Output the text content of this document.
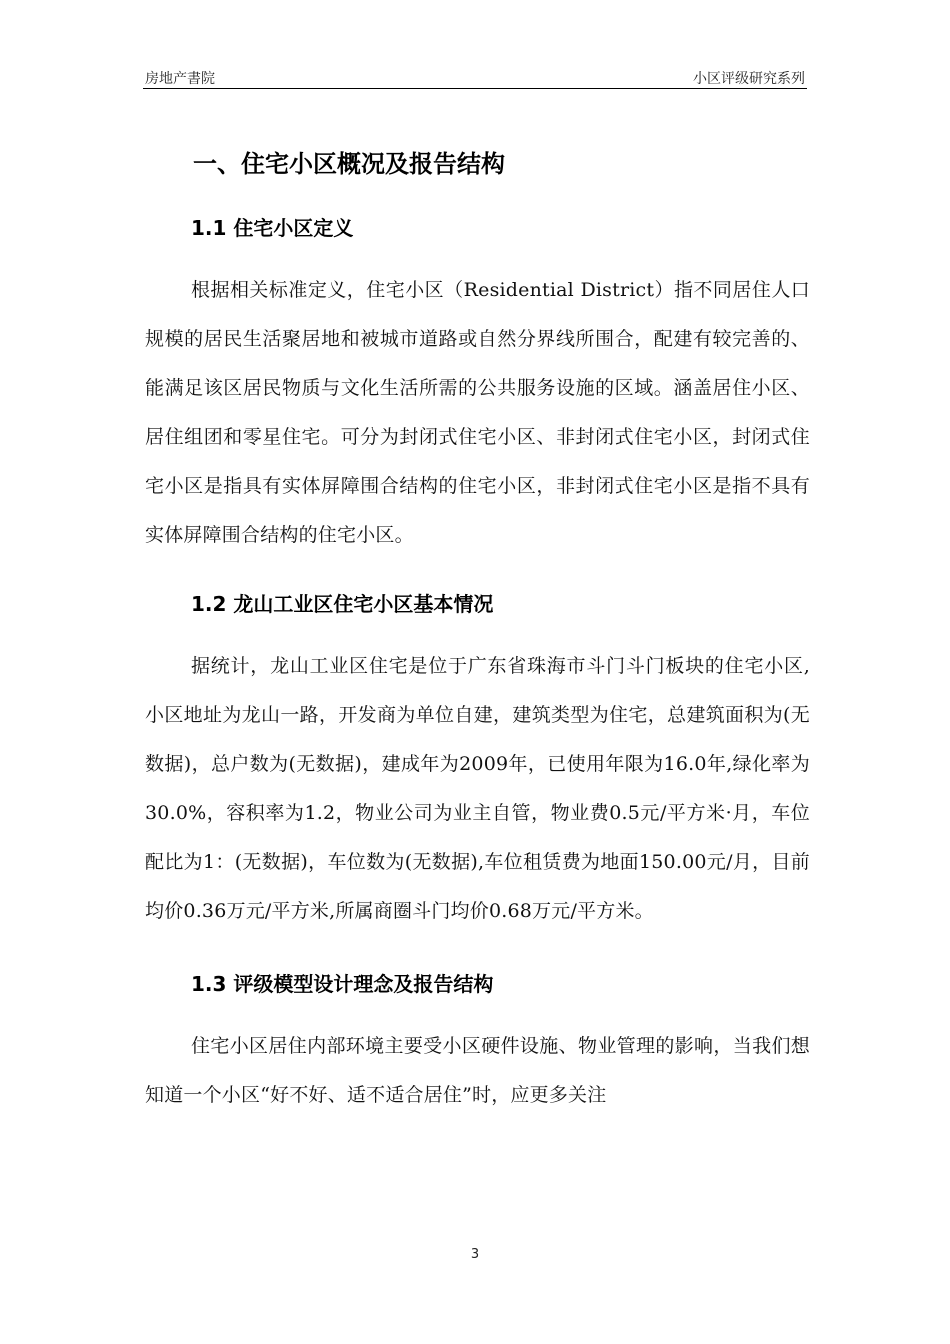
房地产書院	小区评级研究系列
一、住宅小区概况及报告结构
1.1 住宅小区定义

根据相关标准定义，住宅小区（Residential District）指不同居住人口规模的居民生活聚居地和被城市道路或自然分界线所围合，配建有较完善的、能满足该区居民物质与文化生活所需的公共服务设施的区域。涵盖居住小区、居住组团和零星住宅。可分为封闭式住宅小区、非封闭式住宅小区，封闭式住宅小区是指具有实体屏障围合结构的住宅小区，非封闭式住宅小区是指不具有实体屏障围合结构的住宅小区。

1.2 龙山工业区住宅小区基本情况

据统计，龙山工业区住宅是位于广东省珠海市斗门斗门板块的住宅小区,小区地址为龙山一路，开发商为单位自建，建筑类型为住宅，总建筑面积为(无数据)，总户数为(无数据)，建成年为2009年，已使用年限为16.0年,绿化率为30.0%，容积率为1.2，物业公司为业主自管，物业费0.5元/平方米·月，车位配比为1：(无数据)，车位数为(无数据),车位租赁费为地面150.00元/月，目前均价0.36万元/平方米,所属商圈斗门均价0.68万元/平方米。

1.3 评级模型设计理念及报告结构

住宅小区居住内部环境主要受小区硬件设施、物业管理的影响，当我们想知道一个小区“好不好、适不适合居住”时，应更多关注

3
